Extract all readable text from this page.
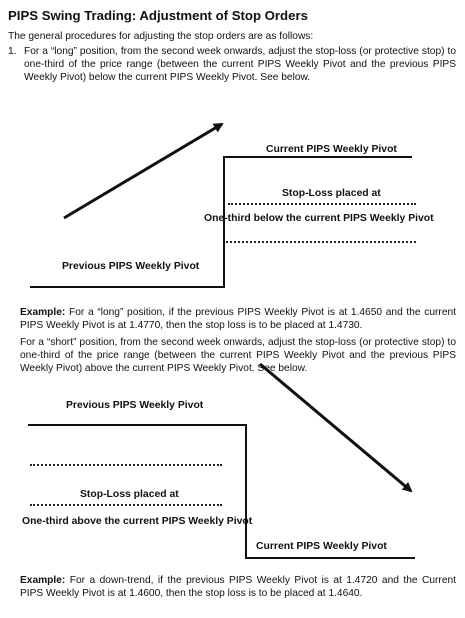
PIPS Swing Trading: Adjustment of Stop Orders
The general procedures for adjusting the stop orders are as follows:
1. For a “long” position, from the second week onwards, adjust the stop-loss (or protective stop) to one-third of the price range (between the current PIPS Weekly Pivot and the previous PIPS Weekly Pivot) below the current PIPS Weekly Pivot. See below.
Current PIPS Weekly Pivot
Stop-Loss placed at
One-third below the current PIPS Weekly Pivot
Previous PIPS Weekly Pivot
Example: For a “long” position, if the previous PIPS Weekly Pivot is at 1.4650 and the current PIPS Weekly Pivot is at 1.4770, then the stop loss is to be placed at 1.4730.
For a “short” position, from the second week onwards, adjust the stop-loss (or protective stop) to one-third of the price range (between the current PIPS Weekly Pivot and the previous PIPS Weekly Pivot) above the current PIPS Weekly Pivot. See below.
Previous PIPS Weekly Pivot
Stop-Loss placed at
One-third above the current PIPS Weekly Pivot
Current PIPS Weekly Pivot
Example: For a down-trend, if the previous PIPS Weekly Pivot is at 1.4720 and the Current PIPS Weekly Pivot is at 1.4600, then the stop loss is to be placed at 1.4640.
